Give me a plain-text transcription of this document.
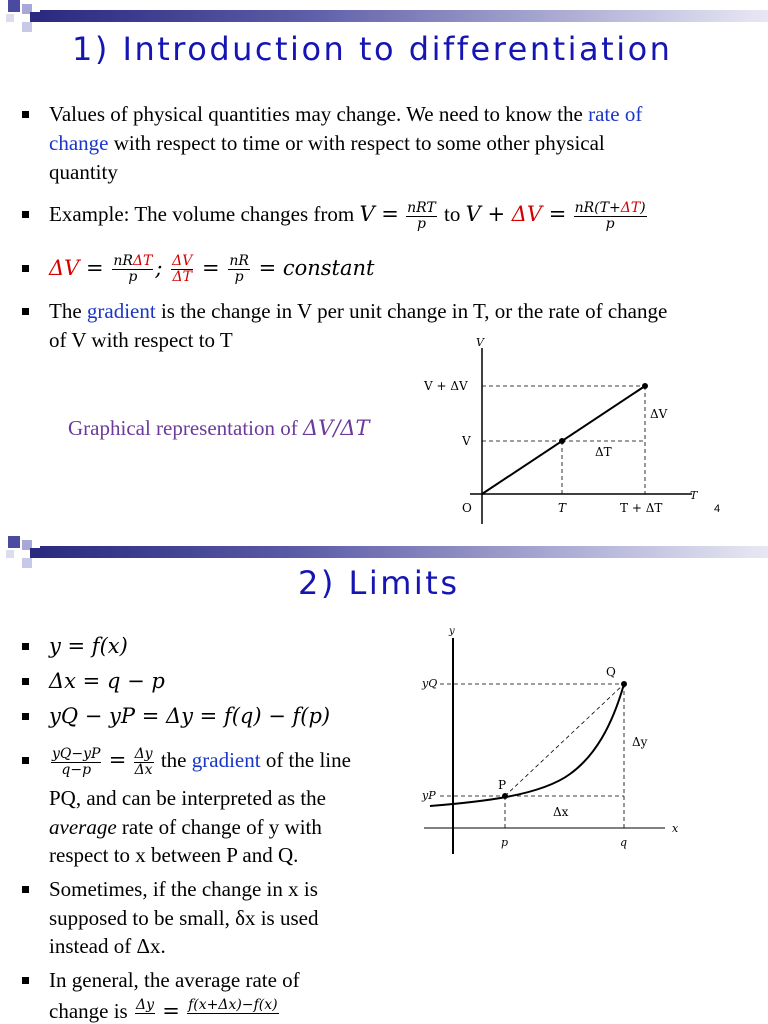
1) Introduction to differentiation
Values of physical quantities may change. We need to know the rate of
change with respect to time or with respect to some other physical
quantity
Example: The volume changes from $V = \frac{\text{nRT}}{p}$ to $V + \Delta V = \frac{nR(T+\Delta T)}{p}$
$\Delta V = \frac{\text{nRΔT}}{p}$ ; $\frac{\Delta V}{\Delta T} = \frac{nR}{p}$ = constant
The gradient is the change in V per unit change in T, or the rate of change
of V with respect to T
Graphical representation of ΔV/ΔT
V
V + ΔV
V
ΔV
ΔT
O	T	T + ΔT
T
4
2) Limits
y = f(x)
Δx = q − p
yQ − yP = Δy = f(q) − f(p)
$\frac{yQ-yP}{q-p} = \frac{\Delta y}{\Delta x}$ the gradient of the line
PQ, and can be interpreted as the
average rate of change of y with
respect to x between P and Q.
Sometimes, if the change in x is
supposed to be small, δx is used
instead of Δx.
In general, the average rate of
change is Δy
= f(x+Δx)−f(x)

y
yQ
yP
Q
P
Δy
Δx
p	q
x
